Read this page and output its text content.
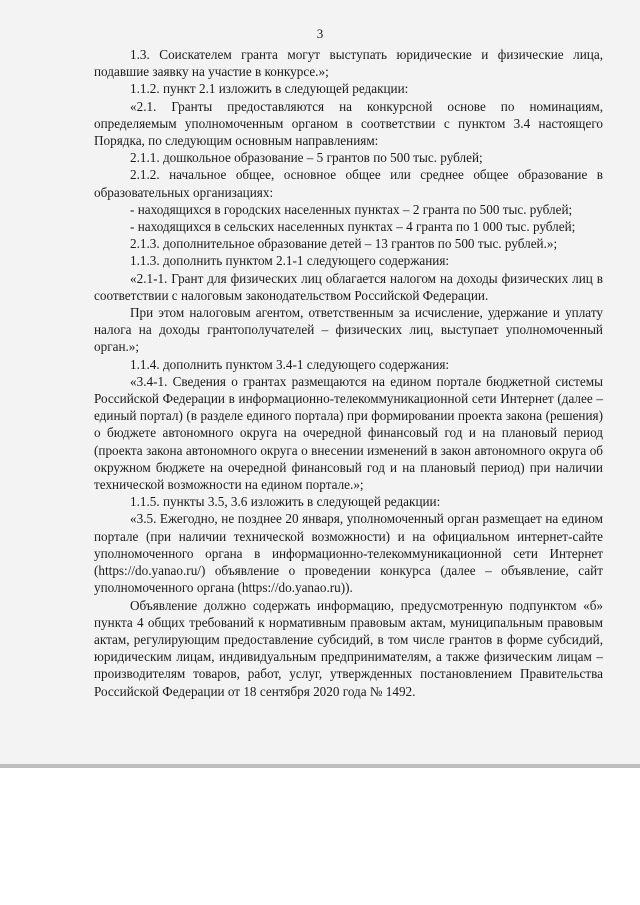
3

1.3. Соискателем гранта могут выступать юридические и физические лица, подавшие заявку на участие в конкурсе.»;

1.1.2. пункт 2.1 изложить в следующей редакции:

«2.1. Гранты предоставляются на конкурсной основе по номинациям, определяемым уполномоченным органом в соответствии с пунктом 3.4 настоящего Порядка, по следующим основным направлениям:

2.1.1. дошкольное образование – 5 грантов по 500 тыс. рублей;

2.1.2. начальное общее, основное общее или среднее общее образование в образовательных организациях:

- находящихся в городских населенных пунктах – 2 гранта по 500 тыс. рублей;

- находящихся в сельских населенных пунктах – 4 гранта по 1 000 тыс. рублей;

2.1.3. дополнительное образование детей – 13 грантов по 500 тыс. рублей.»;

1.1.3. дополнить пунктом 2.1-1 следующего содержания:

«2.1-1. Грант для физических лиц облагается налогом на доходы физических лиц в соответствии с налоговым законодательством Российской Федерации.

При этом налоговым агентом, ответственным за исчисление, удержание и уплату налога на доходы грантополучателей – физических лиц, выступает уполномоченный орган.»;

1.1.4. дополнить пунктом 3.4-1 следующего содержания:

«3.4-1. Сведения о грантах размещаются на едином портале бюджетной системы Российской Федерации в информационно-телекоммуникационной сети Интернет (далее – единый портал) (в разделе единого портала) при формировании проекта закона (решения) о бюджете автономного округа на очередной финансовый год и на плановый период (проекта закона автономного округа о внесении изменений в закон автономного округа об окружном бюджете на очередной финансовый год и на плановый период) при наличии технической возможности на едином портале.»;

1.1.5. пункты 3.5, 3.6 изложить в следующей редакции:

«3.5. Ежегодно, не позднее 20 января, уполномоченный орган размещает на едином портале (при наличии технической возможности) и на официальном интернет-сайте уполномоченного органа в информационно-телекоммуникационной сети Интернет (https://do.yanao.ru/) объявление о проведении конкурса (далее – объявление, сайт уполномоченного органа (https://do.yanao.ru)).

Объявление должно содержать информацию, предусмотренную подпунктом «б» пункта 4 общих требований к нормативным правовым актам, муниципальным правовым актам, регулирующим предоставление субсидий, в том числе грантов в форме субсидий, юридическим лицам, индивидуальным предпринимателям, а также физическим лицам – производителям товаров, работ, услуг, утвержденных постановлением Правительства Российской Федерации от 18 сентября 2020 года № 1492.
